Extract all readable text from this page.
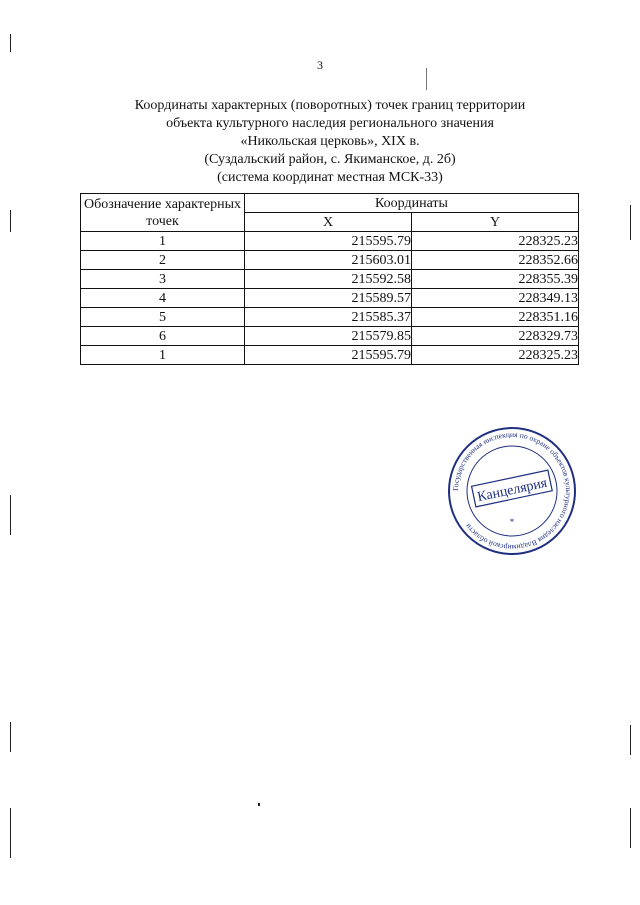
3
Координаты характерных (поворотных) точек границ территории
объекта культурного наследия регионального значения
«Никольская церковь», XIX в.
(Суздальский район, с. Якиманское, д. 2б)
(система координат местная МСК-33)
Обозначение характерных точек	Координаты	
	X	Y
1	215595.79	228325.23
2	215603.01	228352.66
3	215592.58	228355.39
4	215589.57	228349.13
5	215585.37	228351.16
6	215579.85	228329.73
1	215595.79	228325.23
Государственная инспекция по охране объектов культурного наследия Владимирской области
Канцелярия
*
